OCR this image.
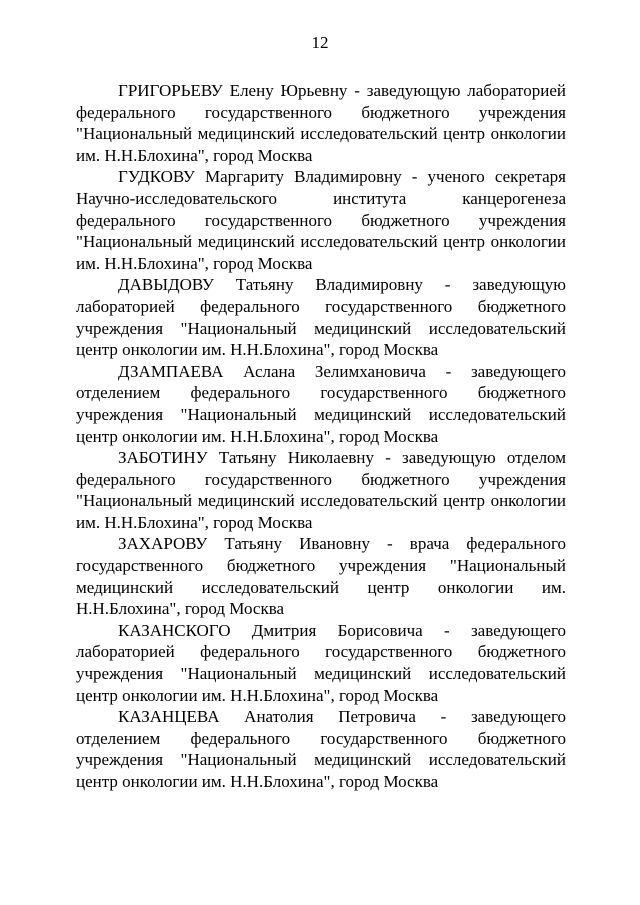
12

ГРИГОРЬЕВУ Елену Юрьевну - заведующую лабораторией федерального государственного бюджетного учреждения "Национальный медицинский исследовательский центр онкологии им. Н.Н.Блохина", город Москва

ГУДКОВУ Маргариту Владимировну - ученого секретаря Научно-исследовательского института канцерогенеза федерального государственного бюджетного учреждения "Национальный медицинский исследовательский центр онкологии им. Н.Н.Блохина", город Москва

ДАВЫДОВУ Татьяну Владимировну - заведующую лабораторией федерального государственного бюджетного учреждения "Национальный медицинский исследовательский центр онкологии им. Н.Н.Блохина", город Москва

ДЗАМПАЕВА Аслана Зелимхановича - заведующего отделением федерального государственного бюджетного учреждения "Национальный медицинский исследовательский центр онкологии им. Н.Н.Блохина", город Москва

ЗАБОТИНУ Татьяну Николаевну - заведующую отделом федерального государственного бюджетного учреждения "Национальный медицинский исследовательский центр онкологии им. Н.Н.Блохина", город Москва

ЗАХАРОВУ Татьяну Ивановну - врача федерального государственного бюджетного учреждения "Национальный медицинский исследовательский центр онкологии им. Н.Н.Блохина", город Москва

КАЗАНСКОГО Дмитрия Борисовича - заведующего лабораторией федерального государственного бюджетного учреждения "Национальный медицинский исследовательский центр онкологии им. Н.Н.Блохина", город Москва

КАЗАНЦЕВА Анатолия Петровича - заведующего отделением федерального государственного бюджетного учреждения "Национальный медицинский исследовательский центр онкологии им. Н.Н.Блохина", город Москва
